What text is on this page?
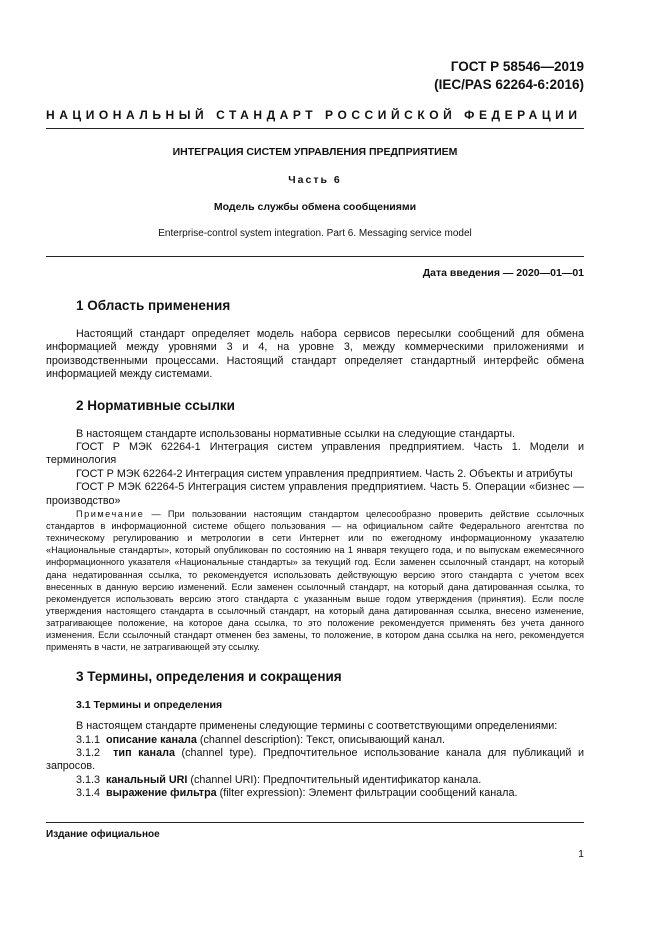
ГОСТ Р 58546—2019
(IEC/PAS 62264-6:2016)
НАЦИОНАЛЬНЫЙ СТАНДАРТ РОССИЙСКОЙ ФЕДЕРАЦИИ
ИНТЕГРАЦИЯ СИСТЕМ УПРАВЛЕНИЯ ПРЕДПРИЯТИЕМ
Часть 6
Модель службы обмена сообщениями
Enterprise-control system integration. Part 6. Messaging service model
Дата введения — 2020—01—01
1 Область применения

Настоящий стандарт определяет модель набора сервисов пересылки сообщений для обмена информацией между уровнями 3 и 4, на уровне 3, между коммерческими приложениями и производственными процессами. Настоящий стандарт определяет стандартный интерфейс обмена информацией между системами.

2 Нормативные ссылки

В настоящем стандарте использованы нормативные ссылки на следующие стандарты.

ГОСТ Р МЭК 62264-1 Интеграция систем управления предприятием. Часть 1. Модели и терминология

ГОСТ Р МЭК 62264-2 Интеграция систем управления предприятием. Часть 2. Объекты и атрибуты

ГОСТ Р МЭК 62264-5 Интеграция систем управления предприятием. Часть 5. Операции «бизнес — производство»

Примечание — При пользовании настоящим стандартом целесообразно проверить действие ссылочных стандартов в информационной системе общего пользования — на официальном сайте Федерального агентства по техническому регулированию и метрологии в сети Интернет или по ежегодному информационному указателю «Национальные стандарты», который опубликован по состоянию на 1 января текущего года, и по выпускам ежемесячного информационного указателя «Национальные стандарты» за текущий год. Если заменен ссылочный стандарт, на который дана недатированная ссылка, то рекомендуется использовать действующую версию этого стандарта с учетом всех внесенных в данную версию изменений. Если заменен ссылочный стандарт, на который дана датированная ссылка, то рекомендуется использовать версию этого стандарта с указанным выше годом утверждения (принятия). Если после утверждения настоящего стандарта в ссылочный стандарт, на который дана датированная ссылка, внесено изменение, затрагивающее положение, на которое дана ссылка, то это положение рекомендуется применять без учета данного изменения. Если ссылочный стандарт отменен без замены, то положение, в котором дана ссылка на него, рекомендуется применять в части, не затрагивающей эту ссылку.

3 Термины, определения и сокращения
3.1 Термины и определения

В настоящем стандарте применены следующие термины с соответствующими определениями:

3.1.1 описание канала (channel description): Текст, описывающий канал.

3.1.2 тип канала (channel type). Предпочтительное использование канала для публикаций и запросов.

3.1.3 канальный URI (channel URI): Предпочтительный идентификатор канала.

3.1.4 выражение фильтра (filter expression): Элемент фильтрации сообщений канала.

Издание официальное
1
